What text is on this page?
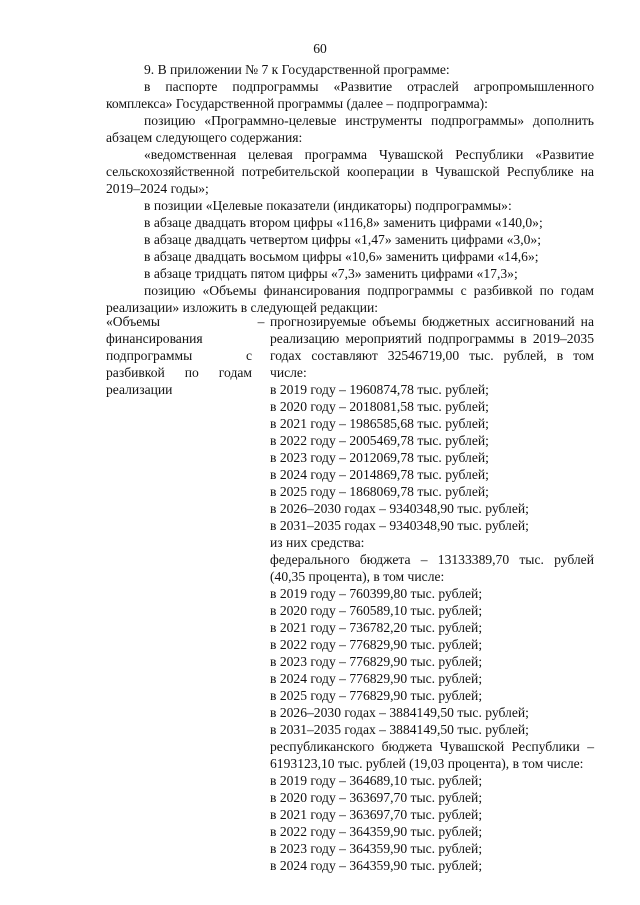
60

9. В приложении № 7 к Государственной программе:

в паспорте подпрограммы «Развитие отраслей агропромышленного комплекса» Государственной программы (далее – подпрограмма):

позицию «Программно-целевые инструменты подпрограммы» дополнить абзацем следующего содержания:

«ведомственная целевая программа Чувашской Республики «Развитие сельскохозяйственной потребительской кооперации в Чувашской Республике на 2019–2024 годы»;

в позиции «Целевые показатели (индикаторы) подпрограммы»:

в абзаце двадцать втором цифры «116,8» заменить цифрами «140,0»;

в абзаце двадцать четвертом цифры «1,47» заменить цифрами «3,0»;

в абзаце двадцать восьмом цифры «10,6» заменить цифрами «14,6»;

в абзаце тридцать пятом цифры «7,3» заменить цифрами «17,3»;

позицию «Объемы финансирования подпрограммы с разбивкой по годам реализации» изложить в следующей редакции:

«Объемы финансирования подпрограммы с разбивкой по годам реализации
– прогнозируемые объемы бюджетных ассигнований на реализацию мероприятий подпрограммы в 2019–2035 годах составляют 32546719,00 тыс. рублей, в том числе:

в 2019 году – 1960874,78 тыс. рублей;

в 2020 году – 2018081,58 тыс. рублей;

в 2021 году – 1986585,68 тыс. рублей;

в 2022 году – 2005469,78 тыс. рублей;

в 2023 году – 2012069,78 тыс. рублей;

в 2024 году – 2014869,78 тыс. рублей;

в 2025 году – 1868069,78 тыс. рублей;

в 2026–2030 годах – 9340348,90 тыс. рублей;

в 2031–2035 годах – 9340348,90 тыс. рублей;

из них средства:

федерального бюджета – 13133389,70 тыс. рублей (40,35 процента), в том числе:

в 2019 году – 760399,80 тыс. рублей;

в 2020 году – 760589,10 тыс. рублей;

в 2021 году – 736782,20 тыс. рублей;

в 2022 году – 776829,90 тыс. рублей;

в 2023 году – 776829,90 тыс. рублей;

в 2024 году – 776829,90 тыс. рублей;

в 2025 году – 776829,90 тыс. рублей;

в 2026–2030 годах – 3884149,50 тыс. рублей;

в 2031–2035 годах – 3884149,50 тыс. рублей;

республиканского бюджета Чувашской Республики – 6193123,10 тыс. рублей (19,03 процента), в том числе:

в 2019 году – 364689,10 тыс. рублей;

в 2020 году – 363697,70 тыс. рублей;

в 2021 году – 363697,70 тыс. рублей;

в 2022 году – 364359,90 тыс. рублей;

в 2023 году – 364359,90 тыс. рублей;

в 2024 году – 364359,90 тыс. рублей;
